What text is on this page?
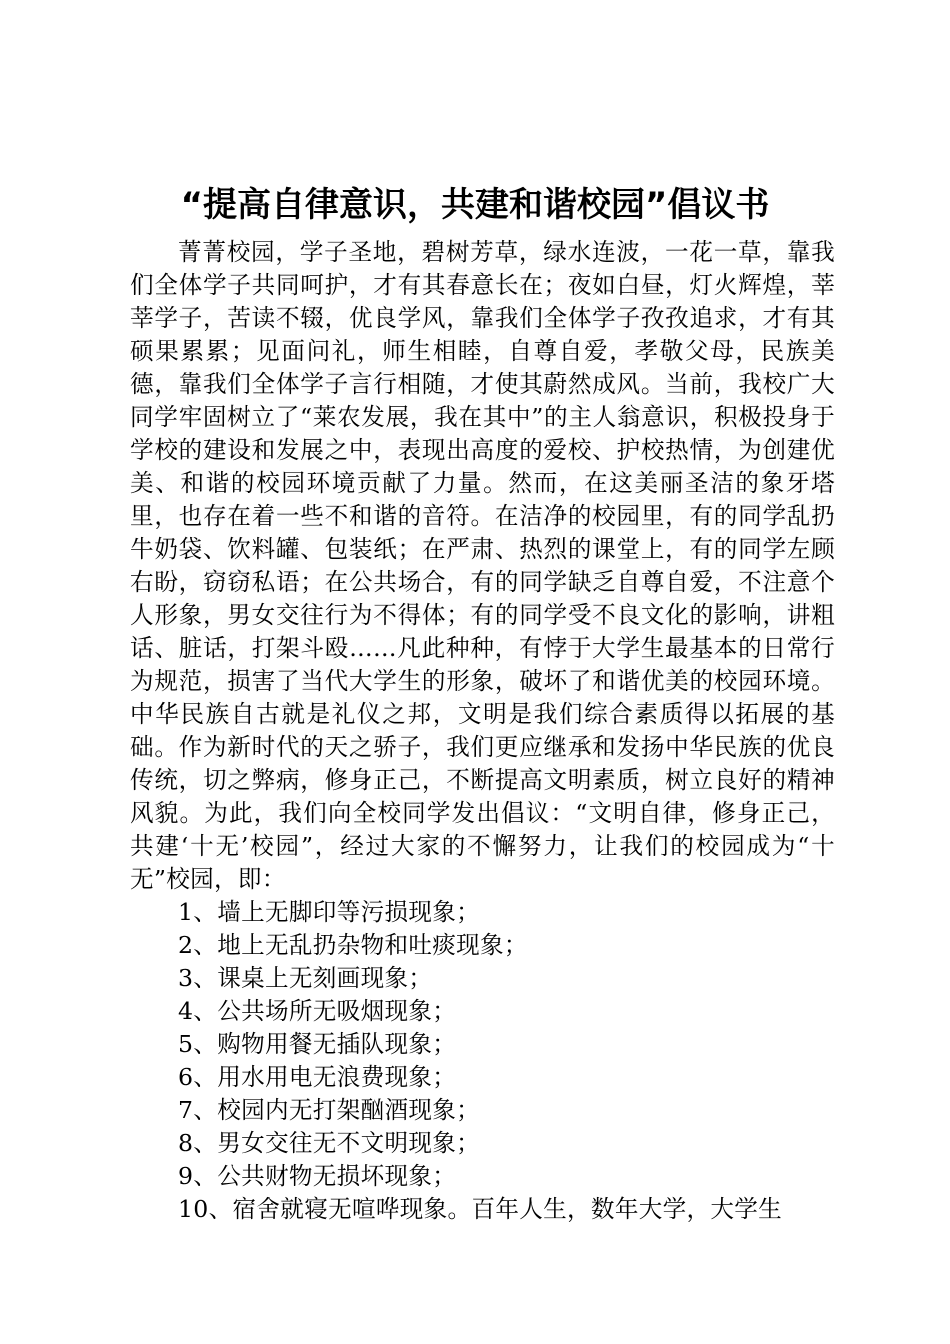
“提高自律意识，共建和谐校园”倡议书

菁菁校园，学子圣地，碧树芳草，绿水连波，一花一草，靠我们全体学子共同呵护，才有其春意长在；夜如白昼，灯火辉煌，莘莘学子，苦读不辍，优良学风，靠我们全体学子孜孜追求，才有其硕果累累；见面问礼，师生相睦，自尊自爱，孝敬父母，民族美德，靠我们全体学子言行相随，才使其蔚然成风。当前，我校广大同学牢固树立了“莱农发展，我在其中”的主人翁意识，积极投身于学校的建设和发展之中，表现出高度的爱校、护校热情，为创建优美、和谐的校园环境贡献了力量。然而，在这美丽圣洁的象牙塔里，也存在着一些不和谐的音符。在洁净的校园里，有的同学乱扔牛奶袋、饮料罐、包装纸；在严肃、热烈的课堂上，有的同学左顾右盼，窃窃私语；在公共场合，有的同学缺乏自尊自爱，不注意个人形象，男女交往行为不得体；有的同学受不良文化的影响，讲粗话、脏话，打架斗殴……凡此种种，有悖于大学生最基本的日常行为规范，损害了当代大学生的形象，破坏了和谐优美的校园环境。中华民族自古就是礼仪之邦，文明是我们综合素质得以拓展的基础。作为新时代的天之骄子，我们更应继承和发扬中华民族的优良传统，切之弊病，修身正己，不断提高文明素质，树立良好的精神风貌。为此，我们向全校同学发出倡议：“文明自律，修身正己，共建‘十无’校园”，经过大家的不懈努力，让我们的校园成为“十无”校园，即：

1、墙上无脚印等污损现象；
2、地上无乱扔杂物和吐痰现象；
3、课桌上无刻画现象；
4、公共场所无吸烟现象；
5、购物用餐无插队现象；
6、用水用电无浪费现象；
7、校园内无打架酗酒现象；
8、男女交往无不文明现象；
9、公共财物无损坏现象；
10、宿舍就寝无喧哗现象。百年人生，数年大学，大学生
